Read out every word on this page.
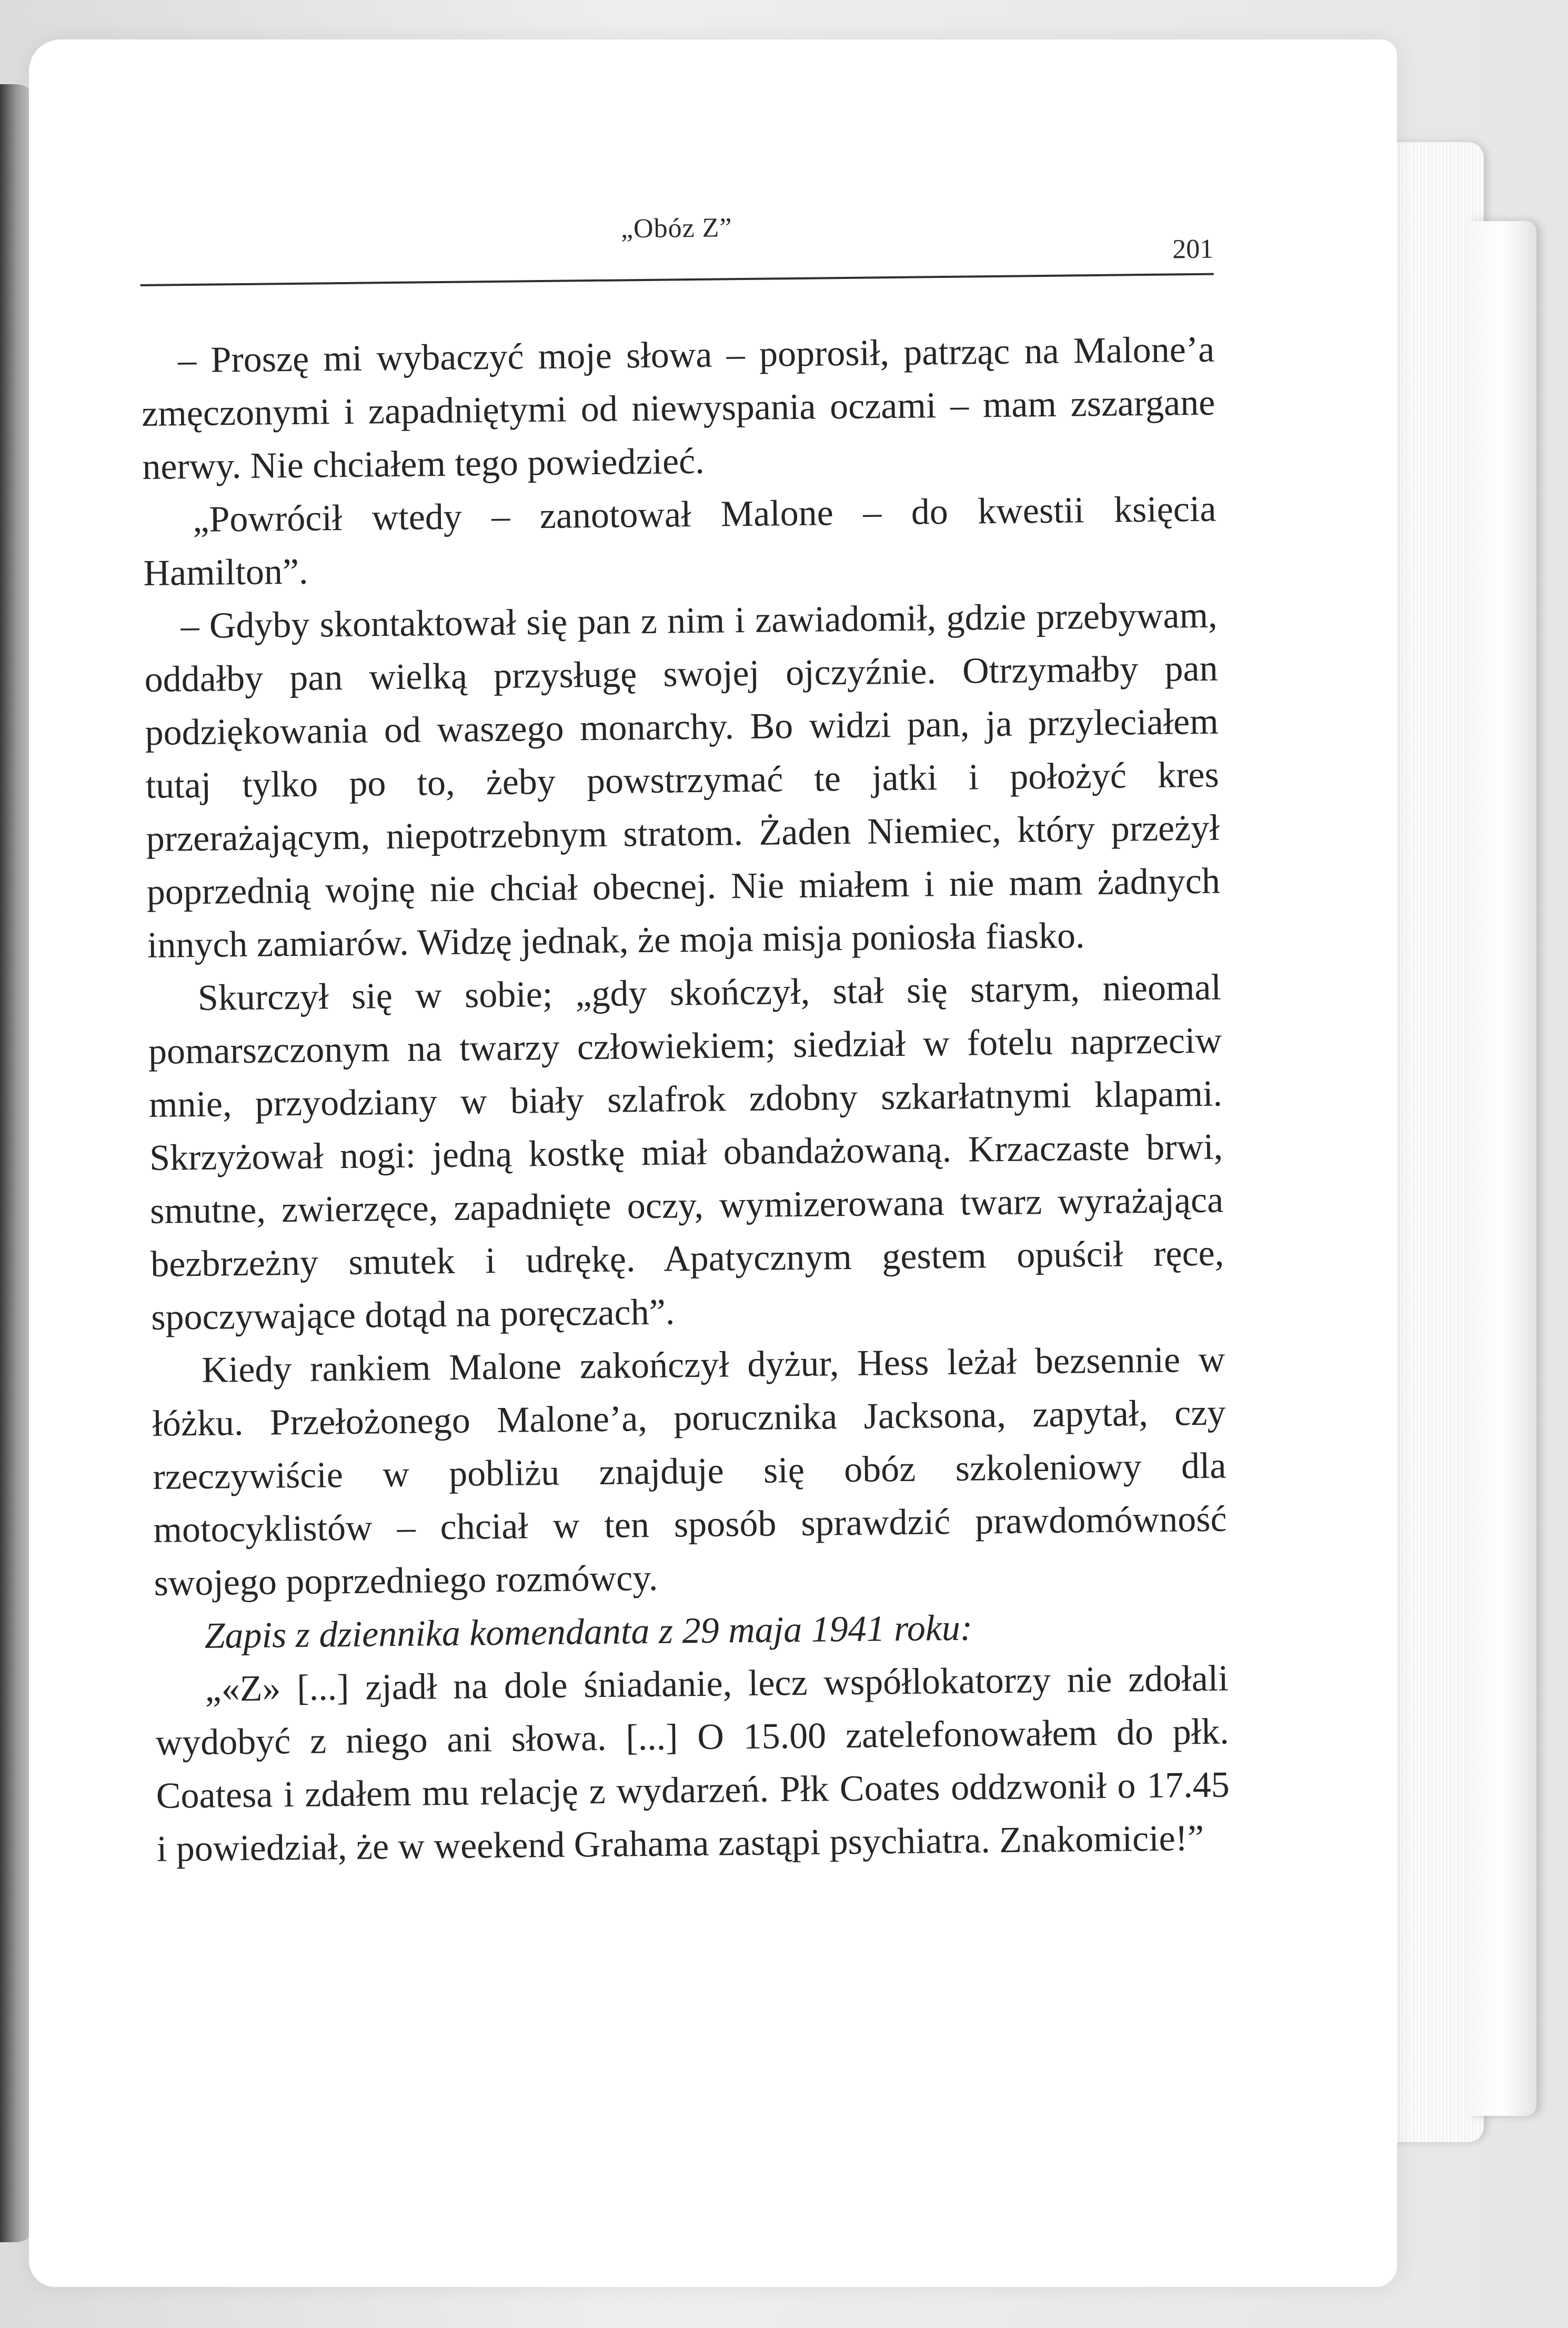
„Obóz Z”
201

– Proszę mi wybaczyć moje słowa – poprosił, patrząc na Malone’a zmęczonymi i zapadniętymi od niewyspania oczami – mam zszargane nerwy. Nie chciałem tego powiedzieć.

„Powrócił wtedy – zanotował Malone – do kwestii księcia Hamilton”.

– Gdyby skontaktował się pan z nim i zawiadomił, gdzie przebywam, oddałby pan wielką przysługę swojej ojczyźnie. Otrzymałby pan podziękowania od waszego monarchy. Bo widzi pan, ja przyleciałem tutaj tylko po to, żeby powstrzymać te jatki i położyć kres przerażającym, niepotrzebnym stratom. Żaden Niemiec, który przeżył poprzednią wojnę nie chciał obecnej. Nie miałem i nie mam żadnych innych zamiarów. Widzę jednak, że moja misja poniosła fiasko.

Skurczył się w sobie; „gdy skończył, stał się starym, nieomal pomarszczonym na twarzy człowiekiem; siedział w fotelu naprzeciw mnie, przyodziany w biały szlafrok zdobny szkarłatnymi klapami. Skrzyżował nogi: jedną kostkę miał obandażowaną. Krzaczaste brwi, smutne, zwierzęce, zapadnięte oczy, wymizerowana twarz wyrażająca bezbrzeżny smutek i udrękę. Apatycznym gestem opuścił ręce, spoczywające dotąd na poręczach”.

Kiedy rankiem Malone zakończył dyżur, Hess leżał bezsennie w łóżku. Przełożonego Malone’a, porucznika Jacksona, zapytał, czy rzeczywiście w pobliżu znajduje się obóz szkoleniowy dla motocyklistów – chciał w ten sposób sprawdzić prawdomówność swojego poprzedniego rozmówcy.

Zapis z dziennika komendanta z 29 maja 1941 roku:

„«Z» [...] zjadł na dole śniadanie, lecz współlokatorzy nie zdołali wydobyć z niego ani słowa. [...] O 15.00 zatelefonowałem do płk. Coatesa i zdałem mu relację z wydarzeń. Płk Coates oddzwonił o 17.45 i powiedział, że w weekend Grahama zastąpi psychiatra. Znakomicie!”
